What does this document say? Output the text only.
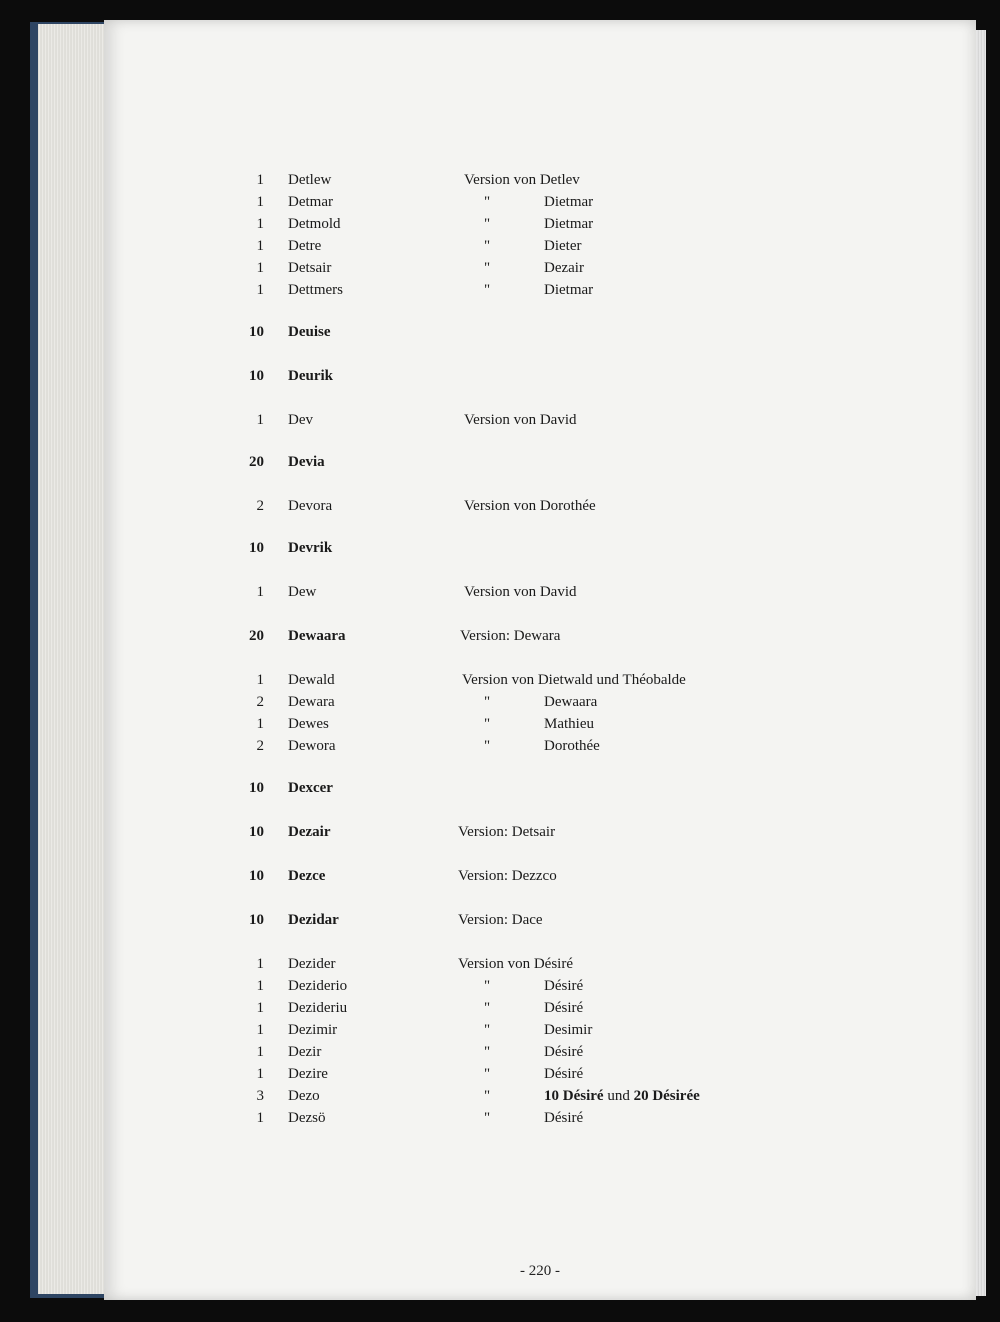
1 Detlew	Version von Detlev
1 Detmar	"	Dietmar
1 Detmold	"	Dietmar
1 Detre	"	Dieter
1 Detsair	"	Dezair
1 Dettmers	"	Dietmar
10 Deuise
10 Deurik
1 Dev	Version von David
20 Devia
2 Devora	Version von Dorothée
10 Devrik
1 Dew	Version von David
20 Dewaara	Version: Dewara
1 Dewald	Version von Dietwald und Théobalde
2 Dewara	"	Dewaara
1 Dewes	"	Mathieu
2 Dewora	"	Dorothée
10 Dexcer
10 Dezair	Version: Detsair
10 Dezce	Version: Dezzco
10 Dezidar	Version: Dace
1 Dezider	Version von Désiré
1 Dezideri​o	"	Désiré
1 Dezideriu	"	Désiré
1 Dezimir	"	Desimir
1 Dezir	"	Désiré
1 Dezire	"	Désiré
3 Dezo	"	10 Désiré und 20 Désirée
1 Dezsö	"	Désiré
- 220 -
